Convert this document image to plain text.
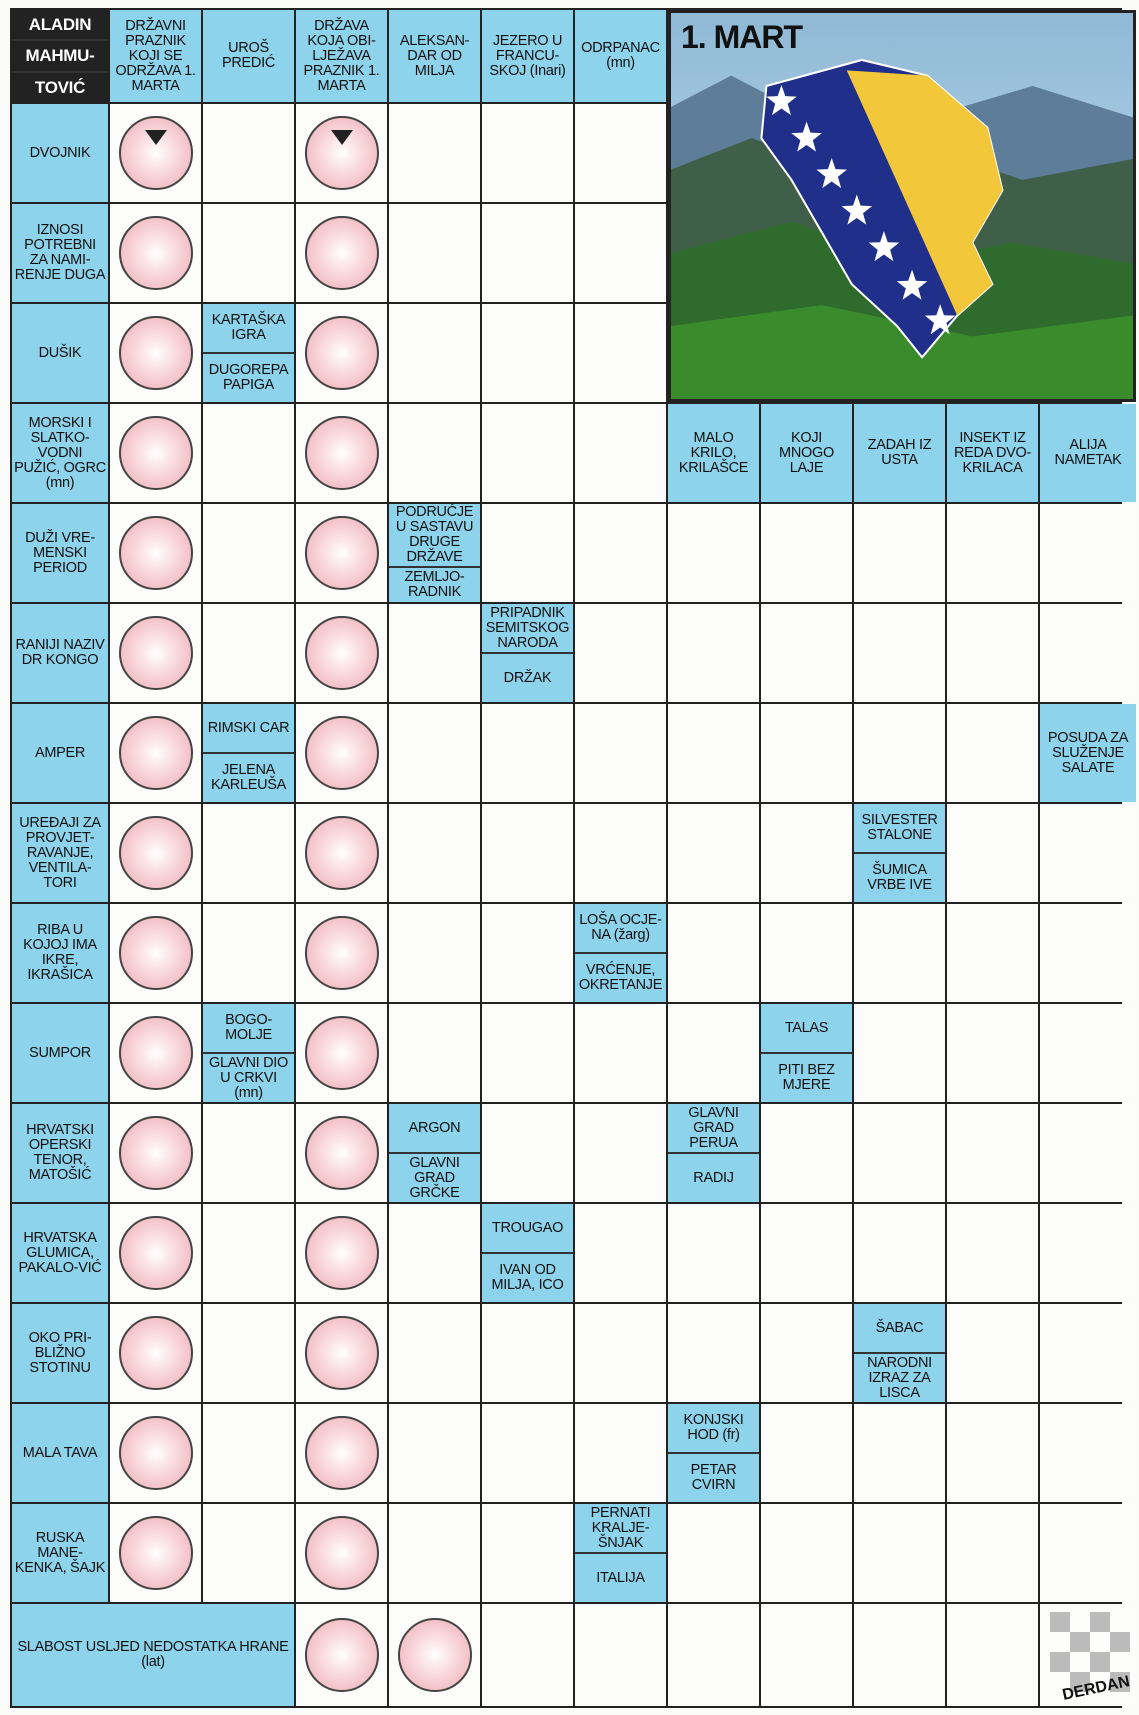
ALADIN
MAHMU-
TOVIĆ
DRŽAVNI PRAZNIK KOJI SE ODRŽAVA 1. MARTA
UROŠ PREDIĆ
DRŽAVA KOJA OBI-LJEŽAVA PRAZNIK 1. MARTA
ALEKSAN-DAR OD MILJA
JEZERO U FRANCU-SKOJ (Inari)
ODRPANAC (mn)
1. MART
DVOJNIK
IZNOSI POTREBNI ZA NAMI-RENJE DUGA
DUŠIK
MORSKI I SLATKO-VODNI PUŽIĆ, OGRC (mn)
DUŽI VRE-MENSKI PERIOD
RANIJI NAZIV DR KONGO
AMPER
UREĐAJI ZA PROVJET-RAVANJE, VENTILA-TORI
RIBA U KOJOJ IMA IKRE, IKRAŠICA
SUMPOR
HRVATSKI OPERSKI TENOR, MATOŠIĆ
HRVATSKA GLUMICA, PAKALO-VIĆ
OKO PRI-BLIŽNO STOTINU
MALA TAVA
RUSKA MANE-KENKA, ŠAJK
SLABOST USLJED NEDOSTATKA HRANE (lat)
MALO KRILO, KRILAŠCE
KOJI MNOGO LAJE
ZADAH IZ USTA
INSEKT IZ REDA DVO-KRILACA
ALIJA NAMETAK
KARTAŠKA IGRA
DUGOREPA PAPIGA
PODRUČJE U SASTAVU DRUGE DRŽAVE
ZEMLJO-RADNIK
PRIPADNIK SEMITSKOG NARODA
DRŽAK
RIMSKI CAR
JELENA KARLEUŠA
POSUDA ZA SLUŽENJE SALATE
SILVESTER STALONE
ŠUMICA VRBE IVE
LOŠA OCJE-NA (žarg)
VRĆENJE, OKRETANJE
BOGO-MOLJE
GLAVNI DIO U CRKVI (mn)
TALAS
PITI BEZ MJERE
ARGON
GLAVNI GRAD GRČKE
GLAVNI GRAD PERUA
RADIJ
TROUGAO
IVAN OD MILJA, ICO
ŠABAC
NARODNI IZRAZ ZA LISCA
KONJSKI HOD (fr)
PETAR CVIRN
PERNATI KRALJE-ŠNJAK
ITALIJA
DERDAN
